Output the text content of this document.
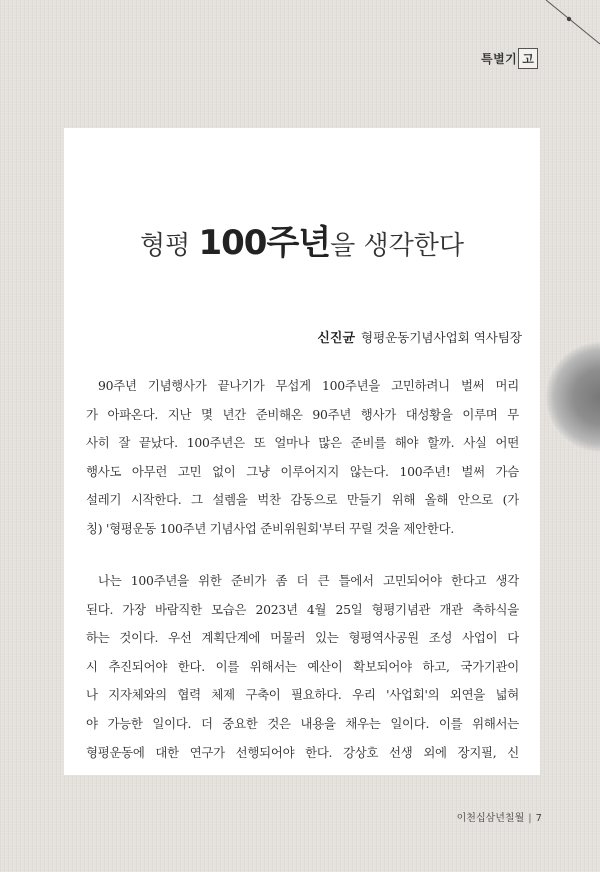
특별기 고
형평 100주년을 생각한다
신진균 형평운동기념사업회 역사팀장
90주년 기념행사가 끝나기가 무섭게 100주년을 고민하려니 벌써 머리
가 아파온다. 지난 몇 년간 준비해온 90주년 행사가 대성황을 이루며 무
사히 잘 끝났다. 100주년은 또 얼마나 많은 준비를 해야 할까. 사실 어떤
행사도 아무런 고민 없이 그냥 이루어지지 않는다. 100주년! 벌써 가슴
설레기 시작한다. 그 설렘을 벅찬 감동으로 만들기 위해 올해 안으로 (가
칭) '형평운동 100주년 기념사업 준비위원회'부터 꾸릴 것을 제안한다.
나는 100주년을 위한 준비가 좀 더 큰 틀에서 고민되어야 한다고 생각
된다. 가장 바람직한 모습은 2023년 4월 25일 형평기념관 개관 축하식을
하는 것이다. 우선 계획단계에 머물러 있는 형평역사공원 조성 사업이 다
시 추진되어야 한다. 이를 위해서는 예산이 확보되어야 하고, 국가기관이
나 지자체와의 협력 체제 구축이 필요하다. 우리 '사업회'의 외연을 넓혀
야 가능한 일이다. 더 중요한 것은 내용을 채우는 일이다. 이를 위해서는
형평운동에 대한 연구가 선행되어야 한다. 강상호 선생 외에 장지필, 신
이천십삼년칠월 | 7
